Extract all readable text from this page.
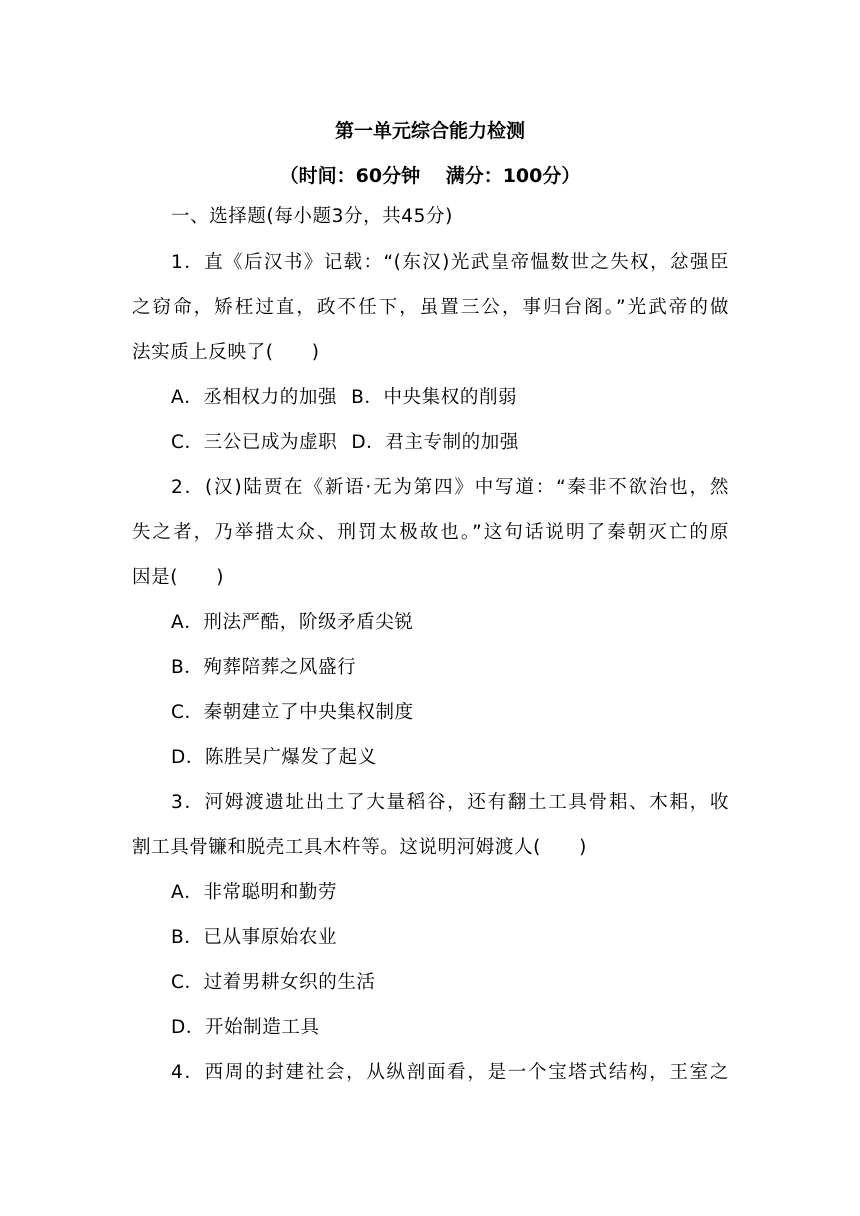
第一单元综合能力检测
（时间：60分钟　 满分：100分）
一、选择题(每小题3分，共45分)
1．直《后汉书》记载：“(东汉)光武皇帝愠数世之失权，忿强臣
之窃命，矫枉过直，政不任下，虽置三公，事归台阁。”光武帝的做
法实质上反映了(　　)
A．丞相权力的加强 B．中央集权的削弱
C．三公已成为虚职 D．君主专制的加强
2．(汉)陆贾在《新语·无为第四》中写道：“秦非不欲治也，然
失之者，乃举措太众、刑罚太极故也。”这句话说明了秦朝灭亡的原
因是(　　)
A．刑法严酷，阶级矛盾尖锐
B．殉葬陪葬之风盛行
C．秦朝建立了中央集权制度
D．陈胜吴广爆发了起义
3．河姆渡遗址出土了大量稻谷，还有翻土工具骨耜、木耜，收
割工具骨镰和脱壳工具木杵等。这说明河姆渡人(　　)
A．非常聪明和勤劳
B．已从事原始农业
C．过着男耕女织的生活
D．开始制造工具
4．西周的封建社会，从纵剖面看，是一个宝塔式结构，王室之
